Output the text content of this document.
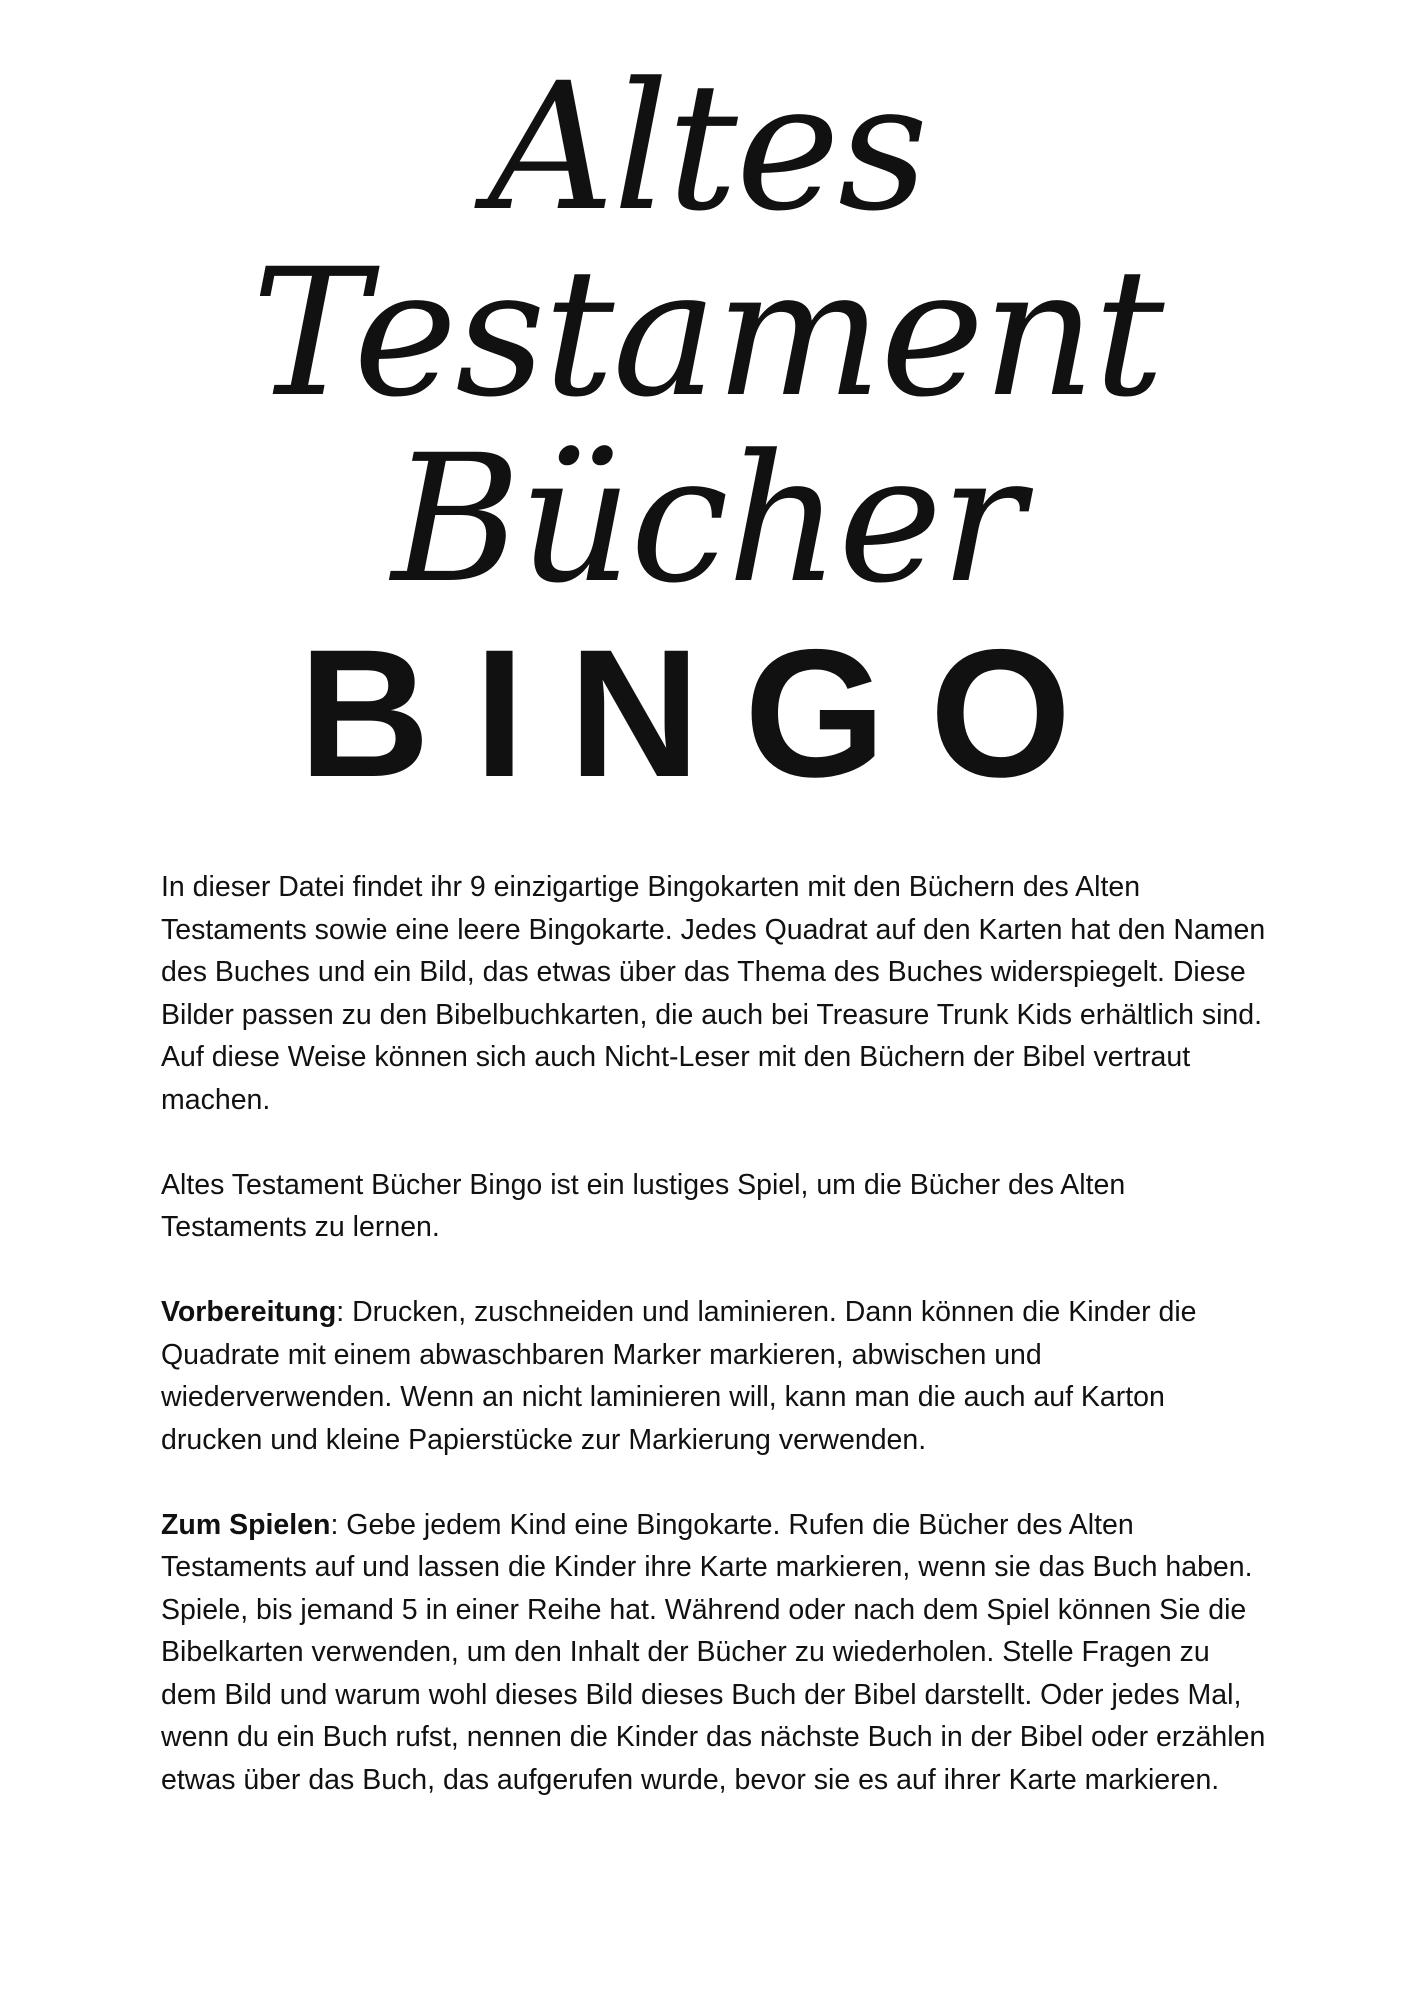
Altes
Testament
Bücher
BINGO

In dieser Datei findet ihr 9 einzigartige Bingokarten mit den Büchern des Alten Testaments sowie eine leere Bingokarte. Jedes Quadrat auf den Karten hat den Namen des Buches und ein Bild, das etwas über das Thema des Buches widerspiegelt. Diese Bilder passen zu den Bibelbuchkarten, die auch bei Treasure Trunk Kids erhältlich sind. Auf diese Weise können sich auch Nicht-Leser mit den Büchern der Bibel vertraut machen.

Altes Testament Bücher Bingo ist ein lustiges Spiel, um die Bücher des Alten Testaments zu lernen.

Vorbereitung: Drucken, zuschneiden und laminieren. Dann können die Kinder die Quadrate mit einem abwaschbaren Marker markieren, abwischen und wiederverwenden. Wenn an nicht laminieren will, kann man die auch auf Karton drucken und kleine Papierstücke zur Markierung verwenden.

Zum Spielen: Gebe jedem Kind eine Bingokarte. Rufen die Bücher des Alten Testaments auf und lassen die Kinder ihre Karte markieren, wenn sie das Buch haben. Spiele, bis jemand 5 in einer Reihe hat. Während oder nach dem Spiel können Sie die Bibelkarten verwenden, um den Inhalt der Bücher zu wiederholen. Stelle Fragen zu dem Bild und warum wohl dieses Bild dieses Buch der Bibel darstellt. Oder jedes Mal, wenn du ein Buch rufst, nennen die Kinder das nächste Buch in der Bibel oder erzählen etwas über das Buch, das aufgerufen wurde, bevor sie es auf ihrer Karte markieren.
